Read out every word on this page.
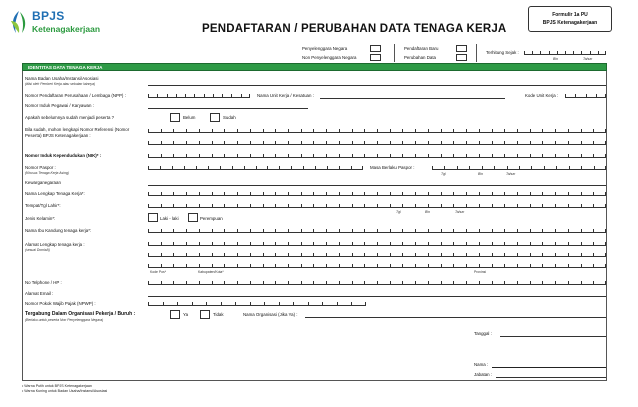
BPJS
Ketenagakerjaan	PENDAFTARAN / PERUBAHAN DATA TENAGA KERJA
Formulir 1a PU
BPJS Ketenagakerjaan
Penyelenggara Negara
Non Penyelenggara Negara
Pendaftaran Baru
Perubahan Data
Terhitung Sejak :
Bln	Tahun
IDENTITAS DATA TENAGA KERJA
Nama Badan Usaha/Instansi/Asosiasi
(diisi oleh Pemberi Kerja atau sebutan lainnya)
Nomor Pendaftaran Perusahaan / Lembaga (NPP) :	Nama Unit Kerja / Kesatuan :	Kode Unit Kerja :
Nomor Induk Pegawai / Karyawan :
Apakah sebelumnya sudah menjadi peserta ?	Belum	Sudah
Bila sudah, mohon lengkapi Nomor Referensi (Nomor
Peserta) BPJS Ketenagakerjaan :
Nomor Induk Kependudukan (NIK)* :
Nomor Paspor :
(Khusus Tenaga Kerja Asing)
Masa Berlaku Paspor :
Tgl	Bln	Tahun
Kewarganegaraan
Nama Lengkap Tenaga Kerja*:
Tempat/Tgl Lahir*:
Tgl	Bln	Tahun
Jenis Kelamin*:	Laki - laki	Perempuan
Nama Ibu Kandung tenaga kerja*:
Alamat Lengkap tenaga kerja :
(sesuai Domisili)
Kode Pos*	Kabupaten/Kota*	Provinsi
No Telphone / HP :
Alamat Email :
Nomor Pokok Wajib Pajak (NPWP) :
Tergabung Dalam Organisasi Pekerja / Buruh :
(Berlaku untuk peserta Non Penyelenggara Negara)
Ya	Tidak	Nama Organisasi (Jika Ya) :
Tanggal :
Nama :
Jabatan :
• Warna Putih untuk BPJS Ketenagakerjaan
• Warna Kuning untuk Badan Usaha/Instansi/Asosiasi
